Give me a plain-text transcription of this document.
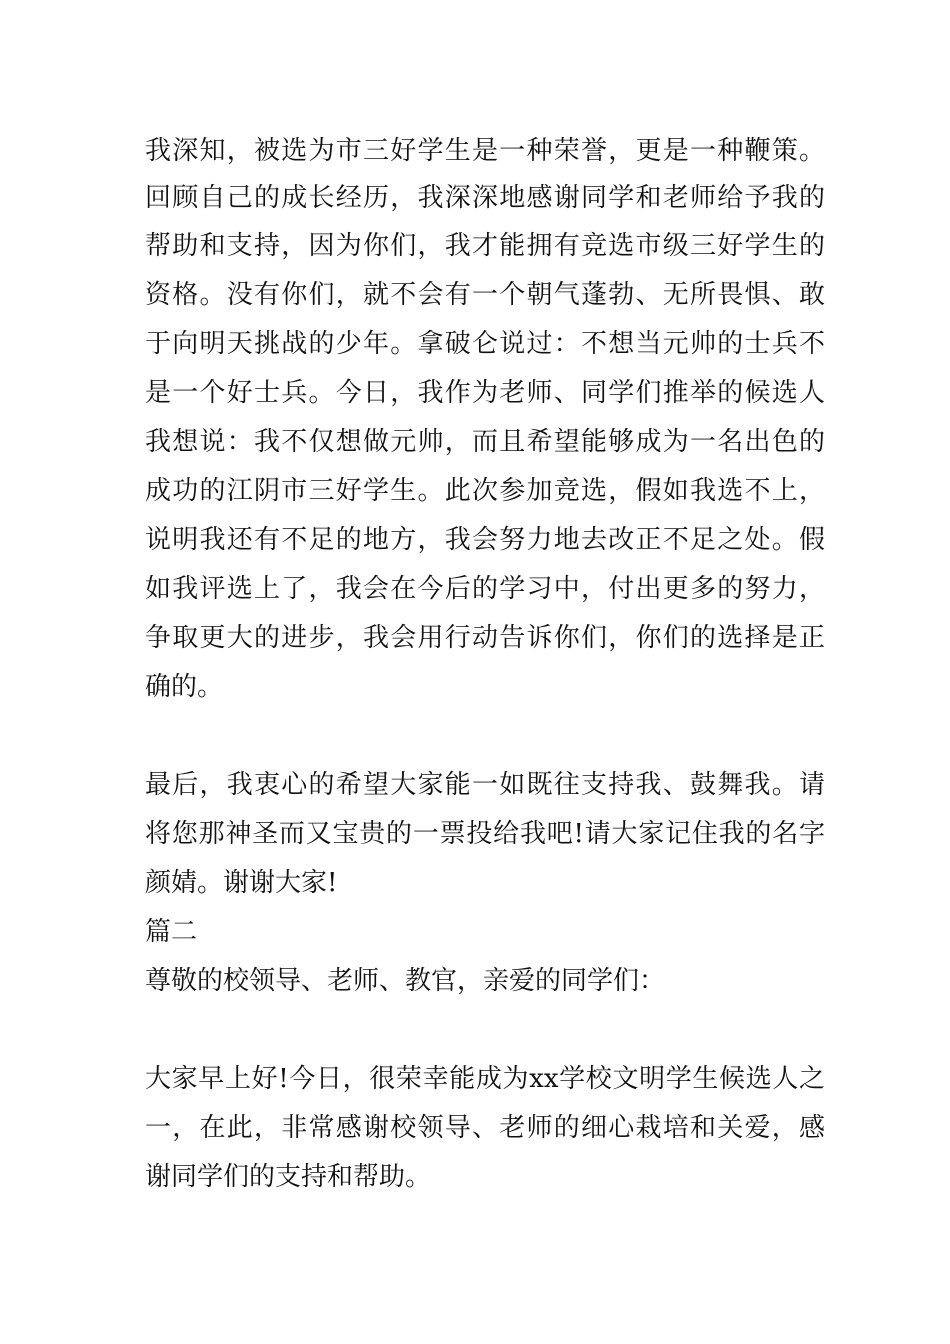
我深知，被选为市三好学生是一种荣誉，更是一种鞭策。
回顾自己的成长经历，我深深地感谢同学和老师给予我的
帮助和支持，因为你们，我才能拥有竞选市级三好学生的
资格。没有你们，就不会有一个朝气蓬勃、无所畏惧、敢
于向明天挑战的少年。拿破仑说过：不想当元帅的士兵不
是一个好士兵。今日，我作为老师、同学们推举的候选人
我想说：我不仅想做元帅，而且希望能够成为一名出色的
成功的江阴市三好学生。此次参加竞选，假如我选不上，
说明我还有不足的地方，我会努力地去改正不足之处。假
如我评选上了，我会在今后的学习中，付出更多的努力，
争取更大的进步，我会用行动告诉你们，你们的选择是正
确的。
最后，我衷心的希望大家能一如既往支持我、鼓舞我。请
将您那神圣而又宝贵的一票投给我吧!请大家记住我的名字
颜婧。谢谢大家!
篇二
尊敬的校领导、老师、教官，亲爱的同学们：
大家早上好!今日，很荣幸能成为xx学校文明学生候选人之
一，在此，非常感谢校领导、老师的细心栽培和关爱，感
谢同学们的支持和帮助。
